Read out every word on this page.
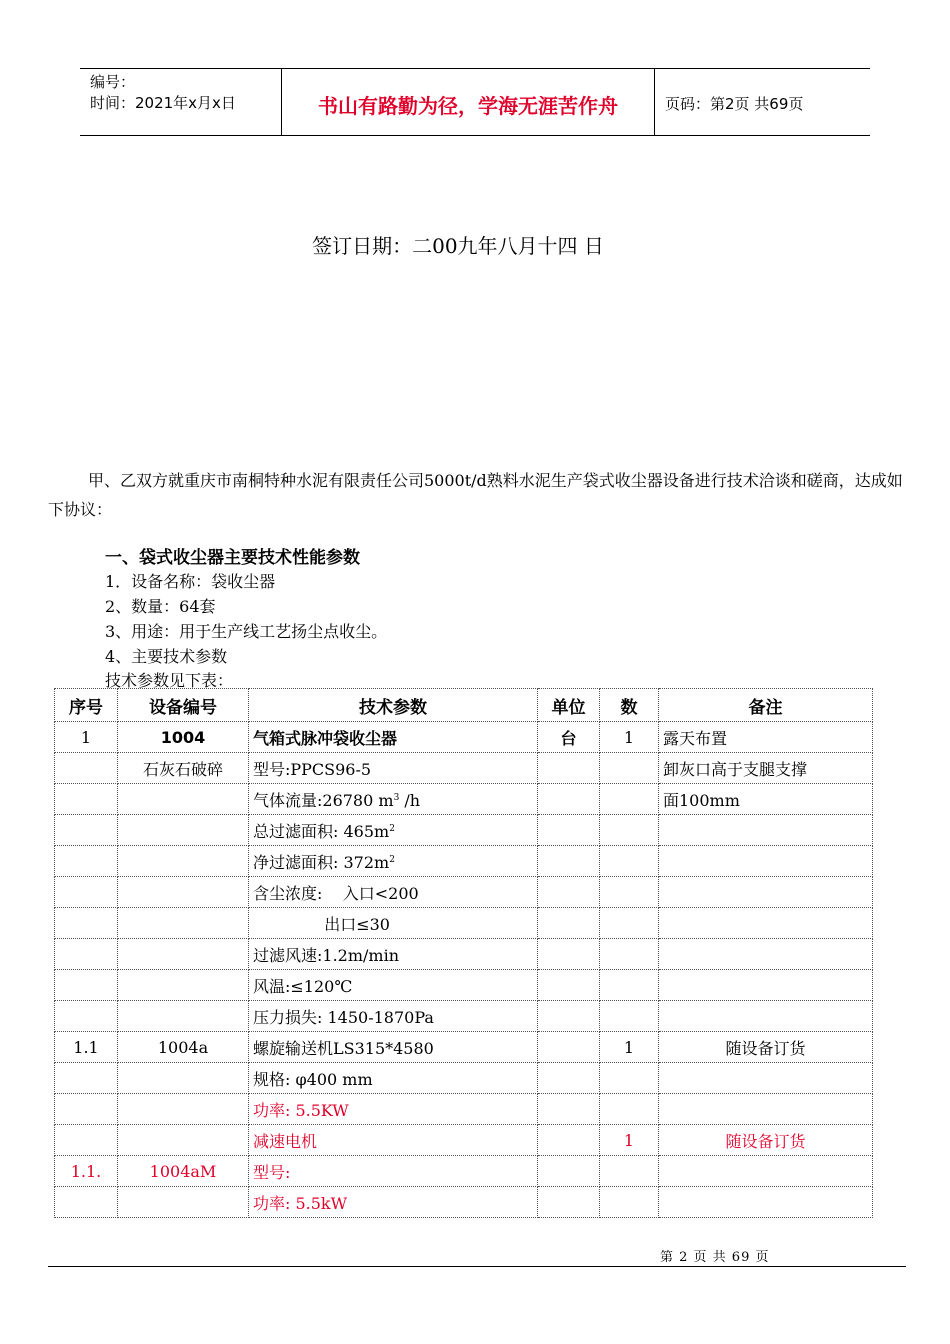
编号：
时间：2021年x月x日	书山有路勤为径，学海无涯苦作舟	页码：第2页 共69页
签订日期：二00九年八月十四 日
甲、乙双方就重庆市南桐特种水泥有限责任公司5000t/d熟料水泥生产袋式收尘器设备进行技术洽谈和磋商，达成如下协议：
一、袋式收尘器主要技术性能参数
1．设备名称：袋收尘器
2、数量：64套
3、用途：用于生产线工艺扬尘点收尘。
4、主要技术参数
技术参数见下表：
序号	设备编号	技术参数	单位	数	备注
1	1004	气箱式脉冲袋收尘器	台	1	露天布置
	石灰石破碎	型号:PPCS96-5			卸灰口高于支腿支撑
		气体流量:26780 $m^3$ /h			面100mm
		总过滤面积: $465m^2$			
		净过滤面积: $372m^2$			
		含尘浓度:    入口<200			
		出口≤30			
		过滤风速:1.2m/min			
		风温:≤120℃			
		压力损失: 1450-1870Pa			
1.1	1004a	螺旋输送机LS315*4580		1	随设备订货
		规格: φ400 mm			
		功率: 5.5KW			
		减速电机		1	随设备订货
1.1.	1004aM	型号:			
		功率: 5.5kW			
第 2 页 共 69 页
